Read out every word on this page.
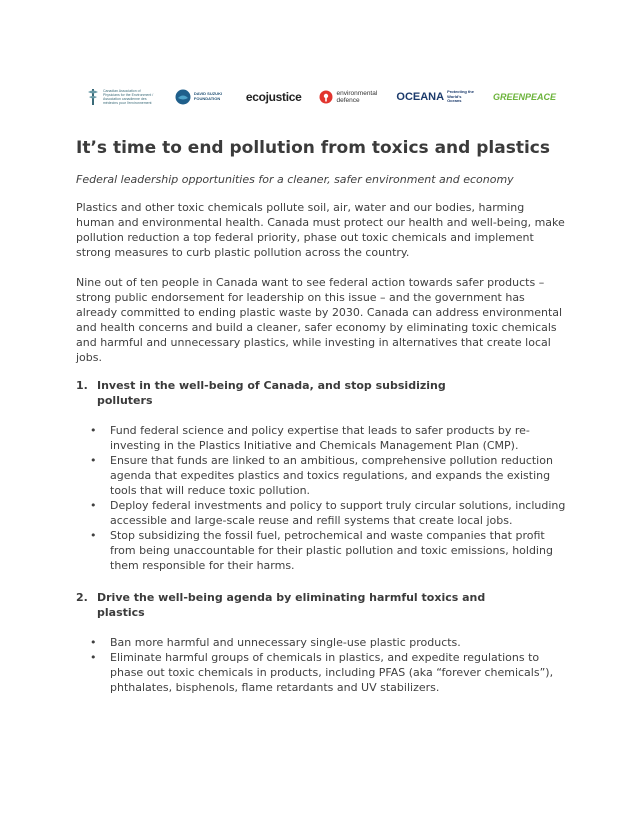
Canadian Association of Physicians for the Environment / Association canadienne des médecins pour l'environnement
DAVID SUZUKI FOUNDATION	ecojustice	environmental defence	OCEANA Protecting the World's Oceans	GREENPEACE
It’s time to end pollution from toxics and plastics
Federal leadership opportunities for a cleaner, safer environment and economy

Plastics and other toxic chemicals pollute soil, air, water and our bodies, harming human and environmental health. Canada must protect our health and well-being, make pollution reduction a top federal priority, phase out toxic chemicals and implement strong measures to curb plastic pollution across the country.

Nine out of ten people in Canada want to see federal action towards safer products – strong public endorsement for leadership on this issue – and the government has already committed to ending plastic waste by 2030. Canada can address environmental and health concerns and build a cleaner, safer economy by eliminating toxic chemicals and harmful and unnecessary plastics, while investing in alternatives that create local jobs.

1. Invest in the well-being of Canada, and stop subsidizing
polluters
• Fund federal science and policy expertise that leads to safer products by re-investing in the Plastics Initiative and Chemicals Management Plan (CMP).
• Ensure that funds are linked to an ambitious, comprehensive pollution reduction agenda that expedites plastics and toxics regulations, and expands the existing tools that will reduce toxic pollution.
• Deploy federal investments and policy to support truly circular solutions, including accessible and large-scale reuse and refill systems that create local jobs.
• Stop subsidizing the fossil fuel, petrochemical and waste companies that profit from being unaccountable for their plastic pollution and toxic emissions, holding them responsible for their harms.
2. Drive the well-being agenda by eliminating harmful toxics and
plastics
• Ban more harmful and unnecessary single-use plastic products.
• Eliminate harmful groups of chemicals in plastics, and expedite regulations to phase out toxic chemicals in products, including PFAS (aka “forever chemicals”), phthalates, bisphenols, flame retardants and UV stabilizers.
